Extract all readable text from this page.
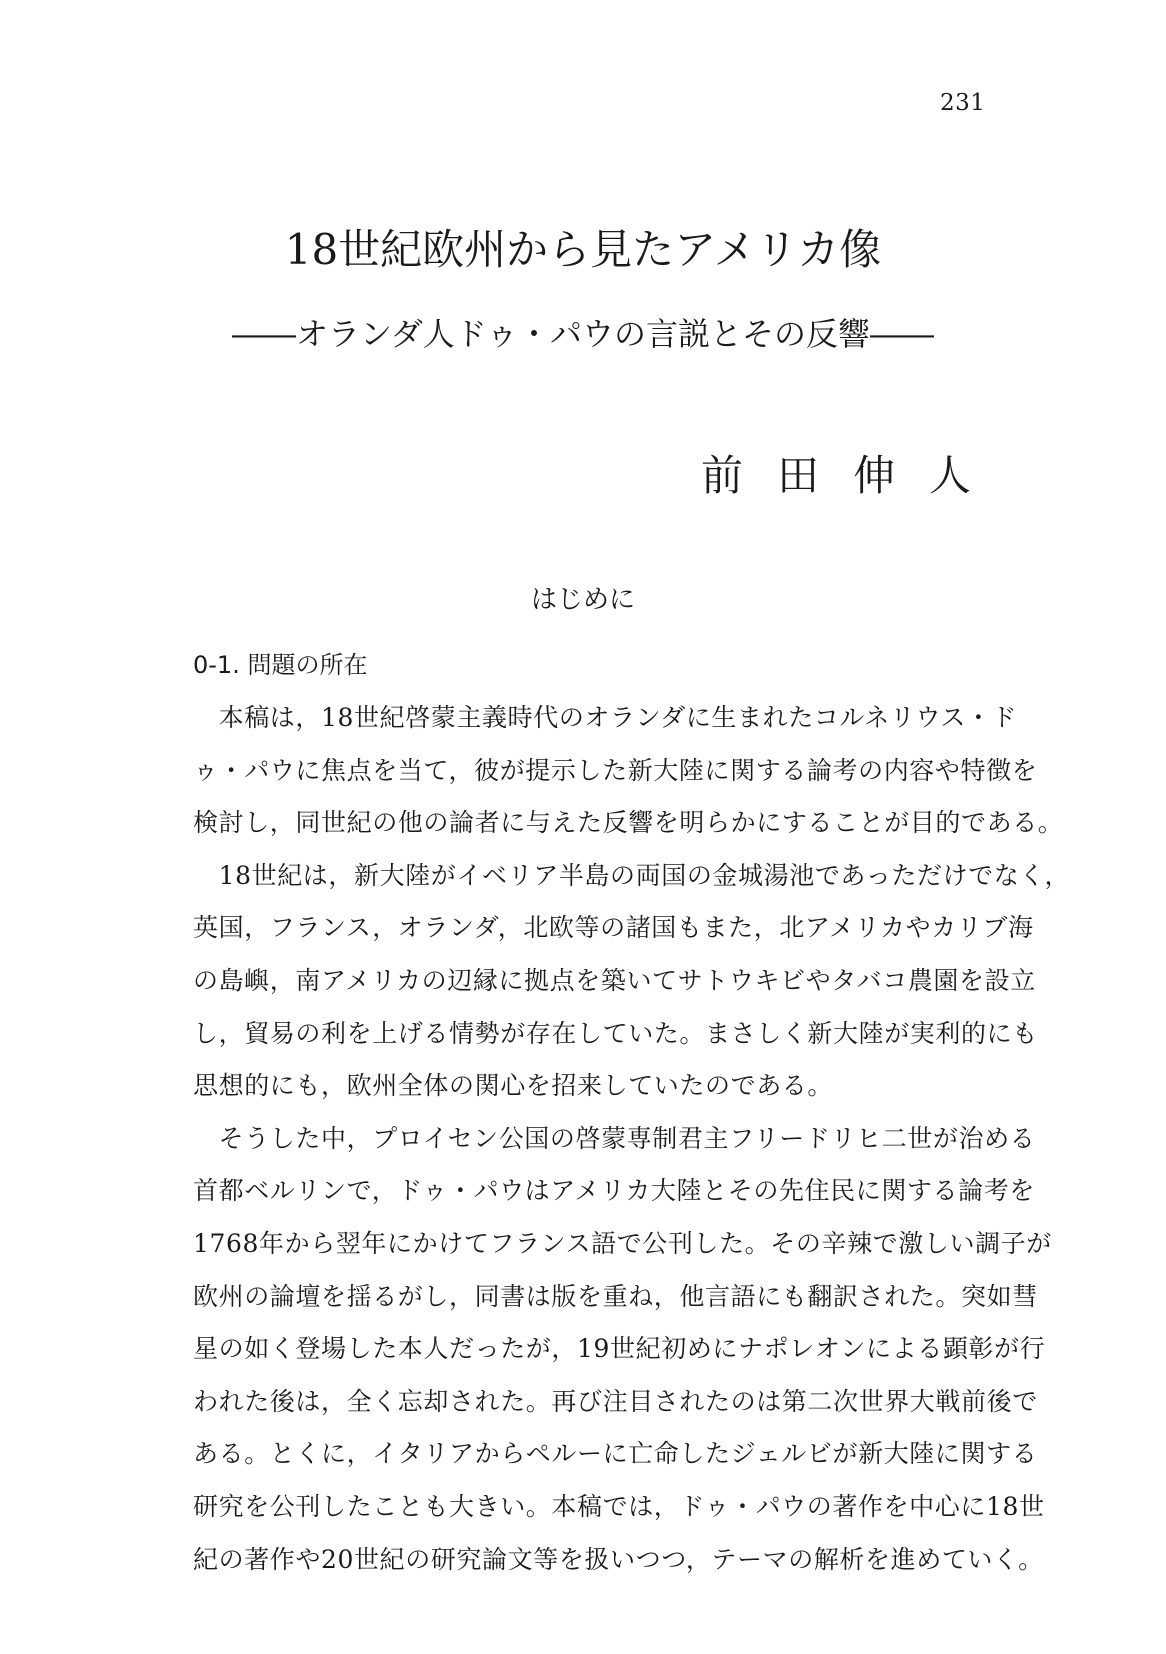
231
18世紀欧州から見たアメリカ像
――オランダ人ドゥ・パウの言説とその反響――
前田伸人
はじめに
0-1. 問題の所在
　本稿は，18世紀啓蒙主義時代のオランダに生まれたコルネリウス・ド
ゥ・パウに焦点を当て，彼が提示した新大陸に関する論考の内容や特徴を
検討し，同世紀の他の論者に与えた反響を明らかにすることが目的である。
　18世紀は，新大陸がイベリア半島の両国の金城湯池であっただけでなく，
英国，フランス，オランダ，北欧等の諸国もまた，北アメリカやカリブ海
の島嶼，南アメリカの辺縁に拠点を築いてサトウキビやタバコ農園を設立
し，貿易の利を上げる情勢が存在していた。まさしく新大陸が実利的にも
思想的にも，欧州全体の関心を招来していたのである。
　そうした中，プロイセン公国の啓蒙専制君主フリードリヒ二世が治める
首都ベルリンで，ドゥ・パウはアメリカ大陸とその先住民に関する論考を
1768年から翌年にかけてフランス語で公刊した。その辛辣で激しい調子が
欧州の論壇を揺るがし，同書は版を重ね，他言語にも翻訳された。突如彗
星の如く登場した本人だったが，19世紀初めにナポレオンによる顕彰が行
われた後は，全く忘却された。再び注目されたのは第二次世界大戦前後で
ある。とくに，イタリアからペルーに亡命したジェルビが新大陸に関する
研究を公刊したことも大きい。本稿では，ドゥ・パウの著作を中心に18世
紀の著作や20世紀の研究論文等を扱いつつ，テーマの解析を進めていく。
